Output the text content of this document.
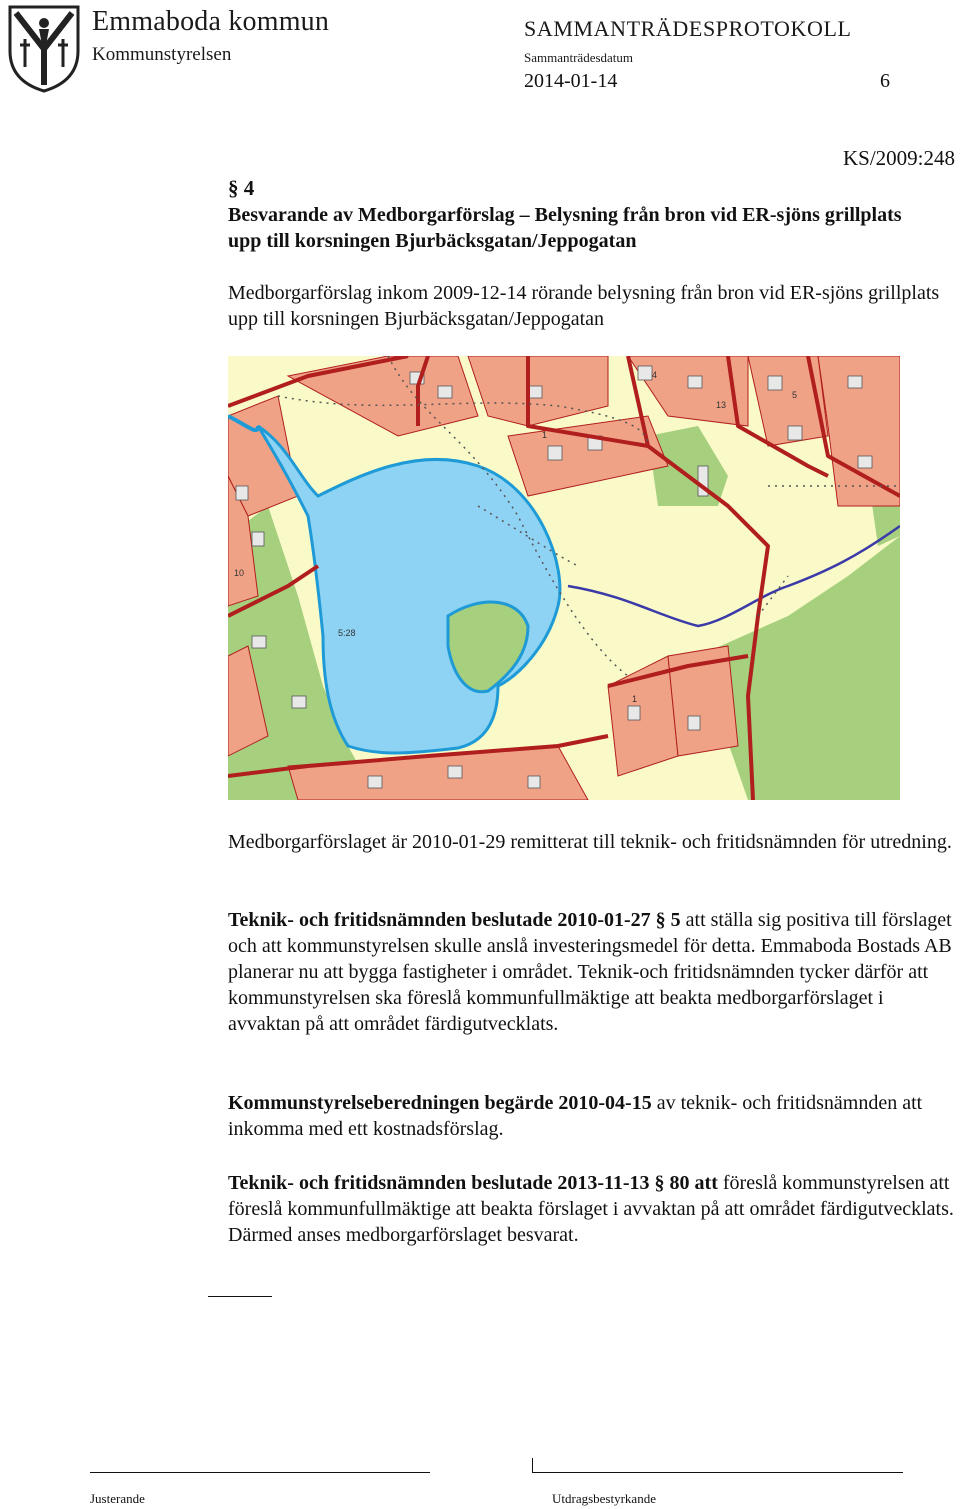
Emmaboda kommun
Kommunstyrelsen
SAMMANTRÄDESPROTOKOLL
Sammanträdesdatum
2014-01-14	6
KS/2009:248
§ 4
Besvarande av Medborgarförslag – Belysning från bron vid ER-sjöns grillplats upp till korsningen Bjurbäcksgatan/Jeppogatan
Medborgarförslag inkom 2009-12-14 rörande belysning från bron vid ER-sjöns grillplats upp till korsningen Bjurbäcksgatan/Jeppogatan
5:28
10
1
4
13
5
1
Medborgarförslaget är 2010-01-29 remitterat till teknik- och fritidsnämnden för utredning.
Teknik- och fritidsnämnden beslutade 2010-01-27 § 5 att ställa sig positiva till förslaget och att kommunstyrelsen skulle anslå investeringsmedel för detta. Emmaboda Bostads AB planerar nu att bygga fastigheter i området. Teknik-och fritidsnämnden tycker därför att kommunstyrelsen ska föreslå kommunfullmäktige att beakta medborgarförslaget i avvaktan på att området färdigutvecklats.
Kommunstyrelseberedningen begärde 2010-04-15 av teknik- och fritidsnämnden att inkomma med ett kostnadsförslag.
Teknik- och fritidsnämnden beslutade 2013-11-13 § 80 att föreslå kommunstyrelsen att föreslå kommunfullmäktige att beakta förslaget i avvaktan på att området färdigutvecklats. Därmed anses medborgarförslaget besvarat.
Justerande	Utdragsbestyrkande
